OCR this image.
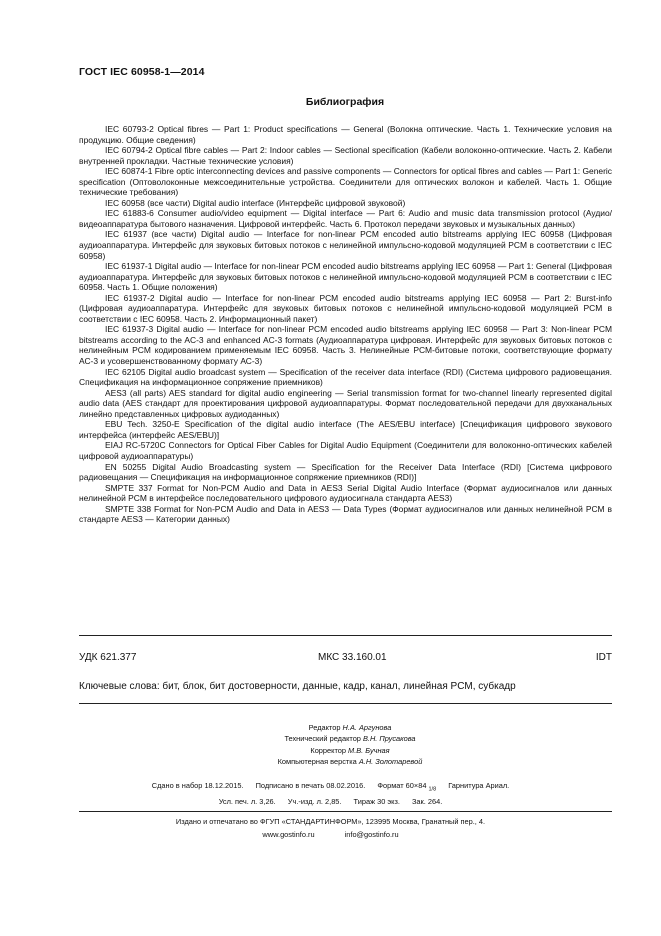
ГОСТ IEC 60958-1—2014
Библиография

IEC 60793-2 Optical fibres — Part 1: Product specifications — General (Волокна оптические. Часть 1. Технические условия на продукцию. Общие сведения)

IEC 60794-2 Optical fibre cables — Part 2: Indoor cables — Sectional specification (Кабели волоконно-оптические. Часть 2. Кабели внутренней прокладки. Частные технические условия)

IEC 60874-1 Fibre optic interconnecting devices and passive components — Connectors for optical fibres and cables — Part 1: Generic specification (Оптоволоконные межсоединительные устройства. Соединители для оптических волокон и кабелей. Часть 1. Общие технические требования)

IEC 60958 (все части) Digital audio interface (Интерфейс цифровой звуковой)

IEC 61883-6 Consumer audio/video equipment — Digital interface — Part 6: Audio and music data transmission protocol (Аудио/видеоаппаратура бытового назначения. Цифровой интерфейс. Часть 6. Протокол передачи звуковых и музыкальных данных)

IEC 61937 (все части) Digital audio — Interface for non-linear PCM encoded autio bitstreams applying IEC 60958 (Цифровая аудиоаппаратура. Интерфейс для звуковых битовых потоков с нелинейной импульсно-кодовой модуляцией PCM в соответствии с IEC 60958)

IEC 61937-1 Digital audio — Interface for non-linear PCM encoded audio bitstreams applying IEC 60958 — Part 1: General (Цифровая аудиоаппаратура. Интерфейс для звуковых битовых потоков с нелинейной импульсно-кодовой модуляцией PCM в соответствии с IEC 60958. Часть 1. Общие положения)

IEC 61937-2 Digital audio — Interface for non-linear PCM encoded audio bitstreams applying IEC 60958 — Part 2: Burst-info (Цифровая аудиоаппаратура. Интерфейс для звуковых битовых потоков с нелинейной импульсно-кодовой модуляцией PCM в соответствии с IEC 60958. Часть 2. Информационный пакет)

IEC 61937-3 Digital audio — Interface for non-linear PCM encoded audio bitstreams applying IEC 60958 — Part 3: Non-linear PCM bitstreams according to the AC-3 and enhanced AC-3 formats (Аудиоаппаратура цифровая. Интерфейс для звуковых битовых потоков с нелинейным PCM кодированием применяемым IEC 60958. Часть 3. Нелинейные PCM-битовые потоки, соответствующие формату АС-3 и усовершенствованному формату АС-3)

IEC 62105 Digital audio broadcast system — Specification of the receiver data interface (RDI) (Система цифрового радиовещания. Спецификация на информационное сопряжение приемников)

AES3 (all parts) AES standard for digital audio engineering — Serial transmission format for two-channel linearly represented digital audio data (AES стандарт для проектирования цифровой аудиоаппаратуры. Формат последовательной передачи для двухканальных линейно представленных цифровых аудиоданных)

EBU Tech. 3250-E Specification of the digital audio interface (The AES/EBU interface) [Спецификация цифрового звукового интерфейса (интерфейс AES/EBU)]

EIAJ RC-5720C Connectors for Optical Fiber Cables for Digital Audio Equipment (Соединители для волоконно-оптических кабелей цифровой аудиоаппаратуры)

EN 50255 Digital Audio Broadcasting system — Specification for the Receiver Data Interface (RDI) [Система цифрового радиовещания — Спецификация на информационное сопряжение приемников (RDI)]

SMPTE 337 Format for Non-PCM Audio and Data in AES3 Serial Digital Audio Interface (Формат аудиосигналов или данных нелинейной PCM в интерфейсе последовательного цифрового аудиосигнала стандарта AES3)

SMPTE 338 Format for Non-PCM Audio and Data in AES3 — Data Types (Формат аудиосигналов или данных нелинейной PCM в стандарте AES3 — Категории данных)

УДК 621.377	МКС 33.160.01	IDT
Ключевые слова: бит, блок, бит достоверности, данные, кадр, канал, линейная PCM, субкадр
Редактор Н.А. Аргунова
Технический редактор В.Н. Прусакова
Корректор М.В. Бучная
Компьютерная верстка А.Н. Золотаревой
Сдано в набор 18.12.2015. Подписано в печать 08.02.2016. Формат 60×84 $_{1/8}$ Гарнитура Ариал.
Усл. печ. л. 3,26. Уч.-изд. л. 2,85. Тираж 30 экз. Зак. 264.
Издано и отпечатано во ФГУП «СТАНДАРТИНФОРМ», 123995 Москва, Гранатный пер., 4.
www.gostinfo.ru	info@gostinfo.ru
